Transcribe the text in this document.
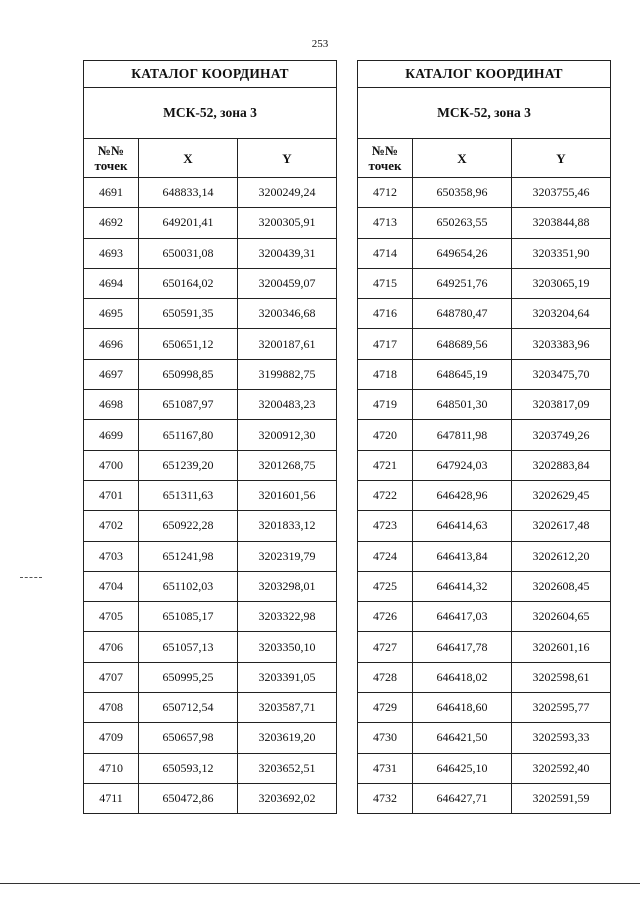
253
КАТАЛОГ КООРДИНАТ		
МСК-52, зона 3		

№№
точек	X	Y
4691	648833,14	3200249,24
4692	649201,41	3200305,91
4693	650031,08	3200439,31
4694	650164,02	3200459,07
4695	650591,35	3200346,68
4696	650651,12	3200187,61
4697	650998,85	3199882,75
4698	651087,97	3200483,23
4699	651167,80	3200912,30
4700	651239,20	3201268,75
4701	651311,63	3201601,56
4702	650922,28	3201833,12
4703	651241,98	3202319,79
4704	651102,03	3203298,01
4705	651085,17	3203322,98
4706	651057,13	3203350,10
4707	650995,25	3203391,05
4708	650712,54	3203587,71
4709	650657,98	3203619,20
4710	650593,12	3203652,51
4711	650472,86	3203692,02
КАТАЛОГ КООРДИНАТ		
МСК-52, зона 3		

№№
точек	X	Y
4712	650358,96	3203755,46
4713	650263,55	3203844,88
4714	649654,26	3203351,90
4715	649251,76	3203065,19
4716	648780,47	3203204,64
4717	648689,56	3203383,96
4718	648645,19	3203475,70
4719	648501,30	3203817,09
4720	647811,98	3203749,26
4721	647924,03	3202883,84
4722	646428,96	3202629,45
4723	646414,63	3202617,48
4724	646413,84	3202612,20
4725	646414,32	3202608,45
4726	646417,03	3202604,65
4727	646417,78	3202601,16
4728	646418,02	3202598,61
4729	646418,60	3202595,77
4730	646421,50	3202593,33
4731	646425,10	3202592,40
4732	646427,71	3202591,59
